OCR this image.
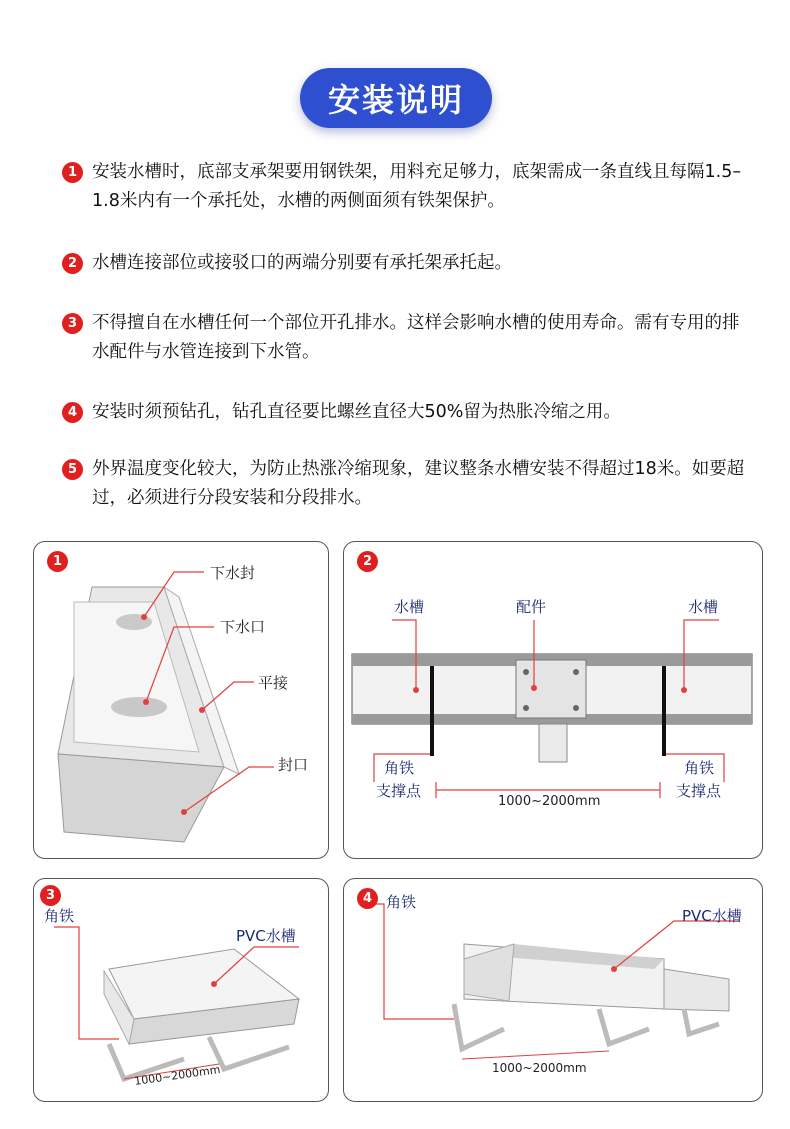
安装说明
1 安装水槽时，底部支承架要用钢铁架，用料充足够力，底架需成一条直线且每隔1.5–1.8米内有一个承托处，水槽的两侧面须有铁架保护。
2 水槽连接部位或接驳口的两端分别要有承托架承托起。
3 不得擅自在水槽任何一个部位开孔排水。这样会影响水槽的使用寿命。需有专用的排水配件与水管连接到下水管。
4 安装时须预钻孔，钻孔直径要比螺丝直径大50%留为热胀冷缩之用。
5 外界温度变化较大，为防止热涨冷缩现象，建议整条水槽安装不得超过18米。如要超过，必须进行分段安装和分段排水。
1
下水封
下水口
平接
封口
2
水槽	配件	水槽
角铁
支撑点
角铁
支撑点
1000~2000mm
3
角铁
PVC水槽
1000~2000mm
4 角铁
PVC水槽
1000~2000mm
